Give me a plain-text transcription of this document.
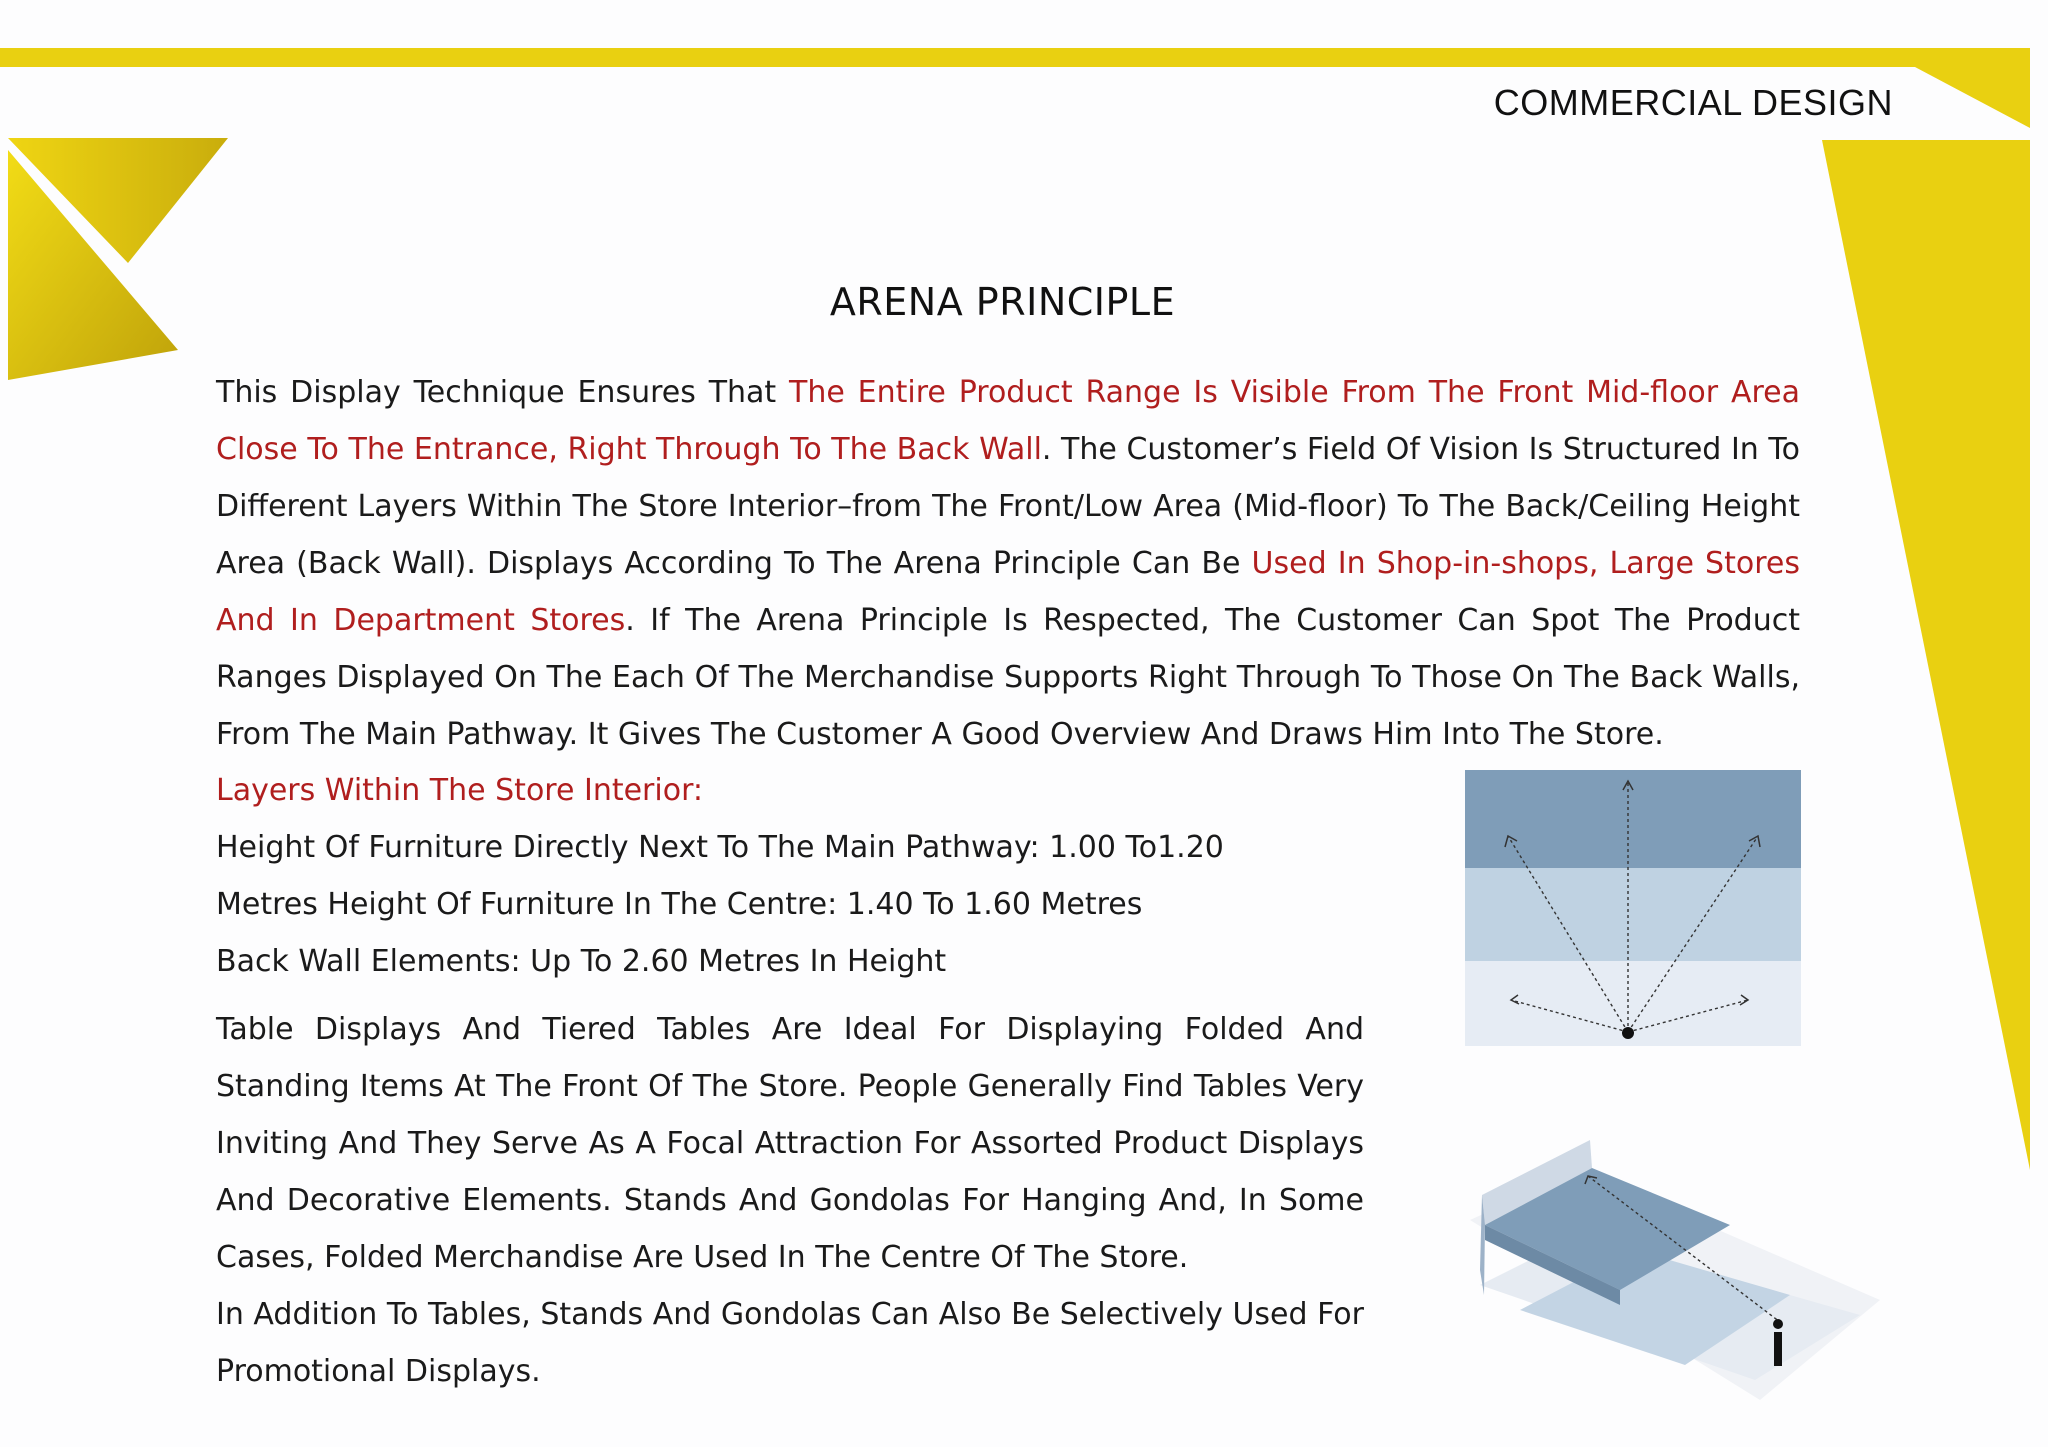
COMMERCIAL DESIGN
ARENA PRINCIPLE

This Display Technique Ensures That The Entire Product Range Is Visible From The Front Mid-floor Area Close To The Entrance, Right Through To The Back Wall. The Customer’s Field Of Vision Is Structured In To Different Layers Within The Store Interior–from The Front/Low Area (Mid-floor) To The Back/Ceiling Height Area (Back Wall). Displays According To The Arena Principle Can Be Used In Shop-in-shops, Large Stores And In Department Stores. If The Arena Principle Is Respected, The Customer Can Spot The Product Ranges Displayed On The Each Of The Merchandise Supports Right Through To Those On The Back Walls, From The Main Pathway. It Gives The Customer A Good Overview And Draws Him Into The Store.

Layers Within The Store Interior:
Height Of Furniture Directly Next To The Main Pathway: 1.00 To1.20
Metres Height Of Furniture In The Centre: 1.40 To 1.60 Metres
Back Wall Elements: Up To 2.60 Metres In Height

Table Displays And Tiered Tables Are Ideal For Displaying Folded And Standing Items At The Front Of The Store. People Generally Find Tables Very Inviting And They Serve As A Focal Attraction For Assorted Product Displays And Decorative Elements. Stands And Gondolas For Hanging And, In Some Cases, Folded Merchandise Are Used In The Centre Of The Store.
In Addition To Tables, Stands And Gondolas Can Also Be Selectively Used For Promotional Displays.
